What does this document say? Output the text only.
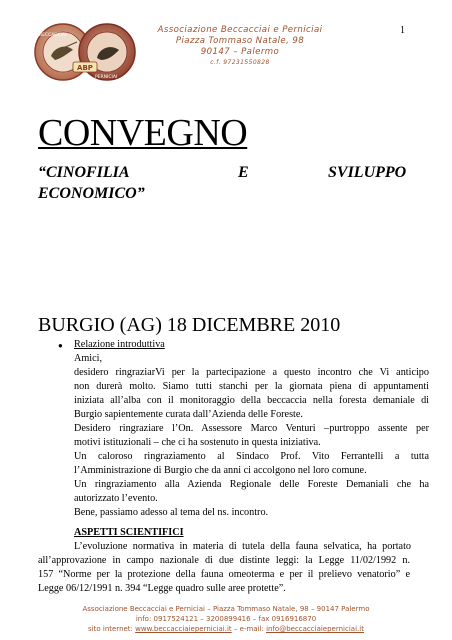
ABP
BECCACCIAI
PERNICIAI
Associazione Beccacciai e Perniciai
Piazza Tommaso Natale, 98
90147 – Palermo
c.f. 97231550828
1
CONVEGNO
“CINOFILIA	E	SVILUPPO
ECONOMICO”
BURGIO (AG) 18 DICEMBRE 2010
● Relazione introduttiva
Amici,
desidero ringraziarVi per la partecipazione a questo incontro che Vi anticipo
non durerà molto. Siamo tutti stanchi per la giornata piena di appuntamenti
iniziata all’alba con il monitoraggio della beccaccia nella foresta demaniale di
Burgio sapientemente curata dall’Azienda delle Foreste.
Desidero ringraziare l’On. Assessore Marco Venturi –purtroppo assente per
motivi istituzionali – che ci ha sostenuto in questa iniziativa.
Un caloroso ringraziamento al Sindaco Prof. Vito Ferrantelli a tutta
l’Amministrazione di Burgio che da anni ci accolgono nel loro comune.
Un ringraziamento alla Azienda Regionale delle Foreste Demaniali che ha
autorizzato l’evento.
Bene, passiamo adesso al tema del ns. incontro.
ASPETTI SCIENTIFICI
L’evoluzione normativa in materia di tutela della fauna selvatica, ha portato
all’approvazione in campo nazionale di due distinte leggi: la Legge 11/02/1992 n.
157 “Norme per la protezione della fauna omeoterma e per il prelievo venatorio” e
Legge 06/12/1991 n. 394 “Legge quadro sulle aree protette”.
Associazione Beccacciai e Perniciai – Piazza Tommaso Natale, 98 – 90147 Palermo
info: 0917524121 – 3200899416 – fax 0916916870
sito internet: www.beccacciaieperniciai.it – e-mail: info@beccacciaieperniciai.it
